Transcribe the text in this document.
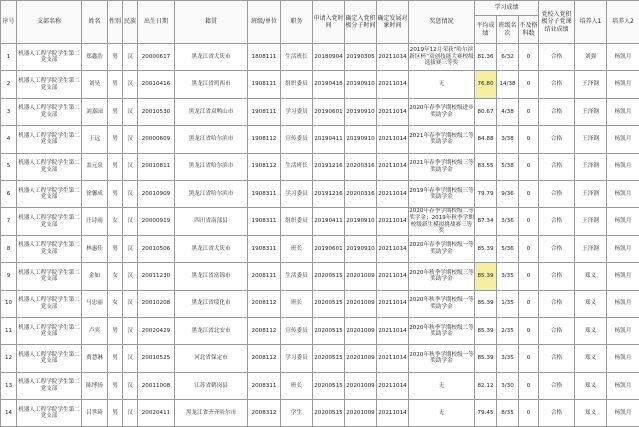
序号	支部名称	姓名	性别	民族	出生日期	籍贯	班级/单位	职务	申请入党时间	确定入党积极分子时间	确定发展对象时间	奖惩情况	学习成绩			党校入党积极分子党课结业成绩	培养人1	培养人2
													平均成绩	班级名次	不及格科数			
1	机器人工程学院学生第二党支部	郑鑫浩	男	汉	20000617	黑龙江省大庆市	1808111	生活班长	20180904	20190305	20211014	2019年12月荣获“哈尔滨新区杯”双创技能大赛校级选拔赛三等奖	81.36	6/32	0	合格	刘强	杨凯月
2	机器人工程学院学生第二党支部	刘昊	男	汉	20010416	黑龙江省鸡西市	1908111	组织委员	20190418	20190910	20211014	无	76.80	14/38	0	合格	王泽钢	杨凯月
3	机器人工程学院学生第二党支部	刘嘉园	男	汉	20010530	黑龙江省双鸭山市	1908111	学习委员	20190601	20190910	20211014	2020年春季学期校级进步奖助学金	80.67	4/38	0	合格	王泽钢	杨凯月
4	机器人工程学院学生第二党支部	王远	男	汉	20000609	黑龙江省哈尔滨市	1908112	宣传委员	20190411	20190910	20211014	2021年春季学期校级二等奖助学金	84.88	3/38	0	合格	王泽钢	杨凯月
5	机器人工程学院学生第二党支部	盖元泉	男	汉	20010811	黑龙江省哈尔滨市	1908112	生活班长	20191216	20200316	20211014	2021年春季学期校级三等奖助学金	83.55	5/38	0	合格	王泽钢	杨凯月
6	机器人工程学院学生第二党支部	徐馨成	男	汉	20010909	黑龙江省哈尔滨市	1908311	学习委员	20191216	20200316	20211014	2019年春季学期校级三等奖助学金	79.79	9/36	0	合格	王泽钢	杨凯月
7	机器人工程学院学生第二党支部	汪诗雨	女	汉	20000919	四川省南部县	1908311	组织委员	20190411	20190910	20211014	2020年春季学期校级二等奖学金；2019年秋季学期校级新生模拟挑战赛三等奖	87.34	3/36	0	合格	王泽钢	杨凯月
8	机器人工程学院学生第二党支部	林惠佳	男	汉	20010506	黑龙江省大庆市	1908311	班长	20190601	20190910	20211014	2020年春季学期校级一等奖助学金	85.39	5/36	0	合格	王泽钢	杨凯月
9	机器人工程学院学生第二党支部	金如	女	汉	20011230	黑龙江省富锦市	2008111	生活委员	20200515	20201009	20211014	2020年秋季学期校级三等奖助学金	85.39	3/35	0	合格	郑义	杨凯月
10	机器人工程学院学生第二党支部	马忠丽	女	汉	20010208	黑龙江省绥化市	2008112	班长	20200515	20201009	20211014	2020年秋季学期校级一等奖助学金	85.39	1/35	0	合格	郑义	杨凯月
11	机器人工程学院学生第二党支部	卢宾	男	汉	20020429	黑龙江省北安市	2008112	宣传委员	20200515	20201009	20211014	2020年秋季学期校级二等奖助学金	85.39	2/35	0	合格	郑义	杨凯月
12	机器人工程学院学生第二党支部	贾慧淋	男	汉	20010525	河北省保定市	2008112	学习委员	20200515	20201009	20211014	2020年秋季学期校级一等奖助学金	85.39	3/35	0	合格	郑义	杨凯月
13	机器人工程学院学生第二党支部	陈博扬	男	汉	20011008	江苏省鹤岗县	2008311	班长	20200515	20201009	20211014	无	82.12	3/30	0	合格	郑义	杨凯月
14	机器人工程学院学生第二党支部	吕世琦	男	汉	20020411	黑龙江省齐齐哈尔市	2008312	学生	20200515	20201009	20211014	无	79.45	8/35	0	合格	郑义	杨凯月
